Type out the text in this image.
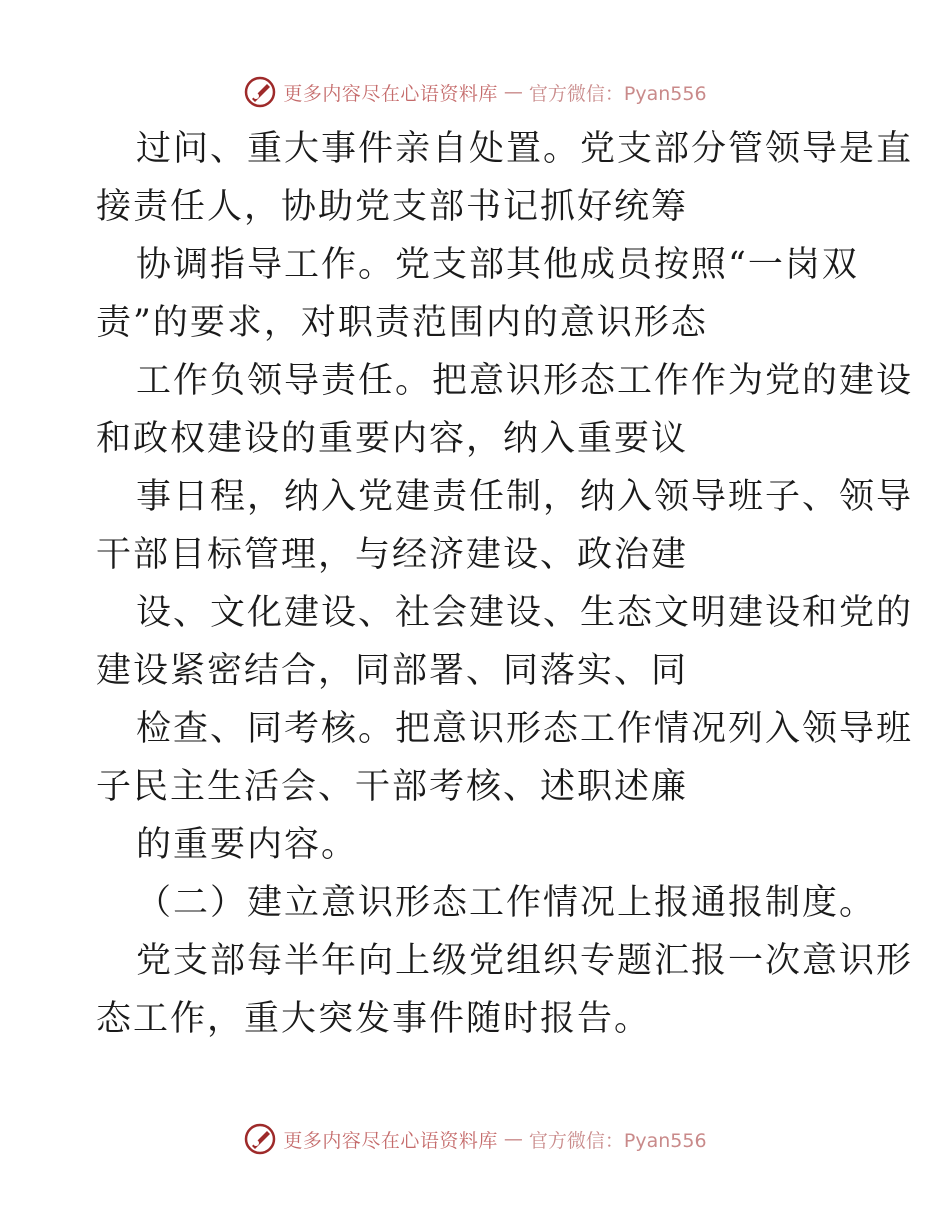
更多内容尽在心语资料库 — 官方微信：Pyan556
过问、重大事件亲自处置。党支部分管领导是直
接责任人，协助党支部书记抓好统筹
协调指导工作。党支部其他成员按照“一岗双
责”的要求，对职责范围内的意识形态
工作负领导责任。把意识形态工作作为党的建设
和政权建设的重要内容，纳入重要议
事日程，纳入党建责任制，纳入领导班子、领导
干部目标管理，与经济建设、政治建
设、文化建设、社会建设、生态文明建设和党的
建设紧密结合，同部署、同落实、同
检查、同考核。把意识形态工作情况列入领导班
子民主生活会、干部考核、述职述廉
的重要内容。
（二）建立意识形态工作情况上报通报制度。
党支部每半年向上级党组织专题汇报一次意识形
态工作，重大突发事件随时报告。
更多内容尽在心语资料库 — 官方微信：Pyan556
